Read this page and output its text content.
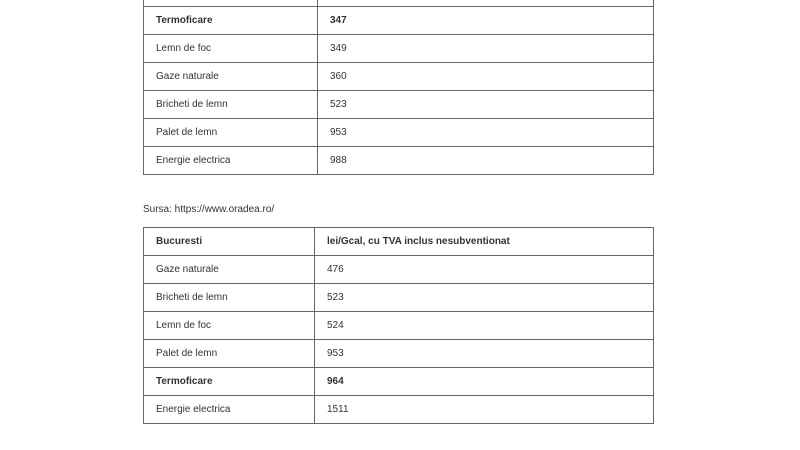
Termoficare	347
Lemn de foc	349
Gaze naturale	360
Bricheti de lemn	523
Palet de lemn	953
Energie electrica	988
Sursa: https://www.oradea.ro/
Bucuresti	lei/Gcal, cu TVA inclus nesubventionat
Gaze naturale	476
Bricheti de lemn	523
Lemn de foc	524
Palet de lemn	953
Termoficare	964
Energie electrica	1511
